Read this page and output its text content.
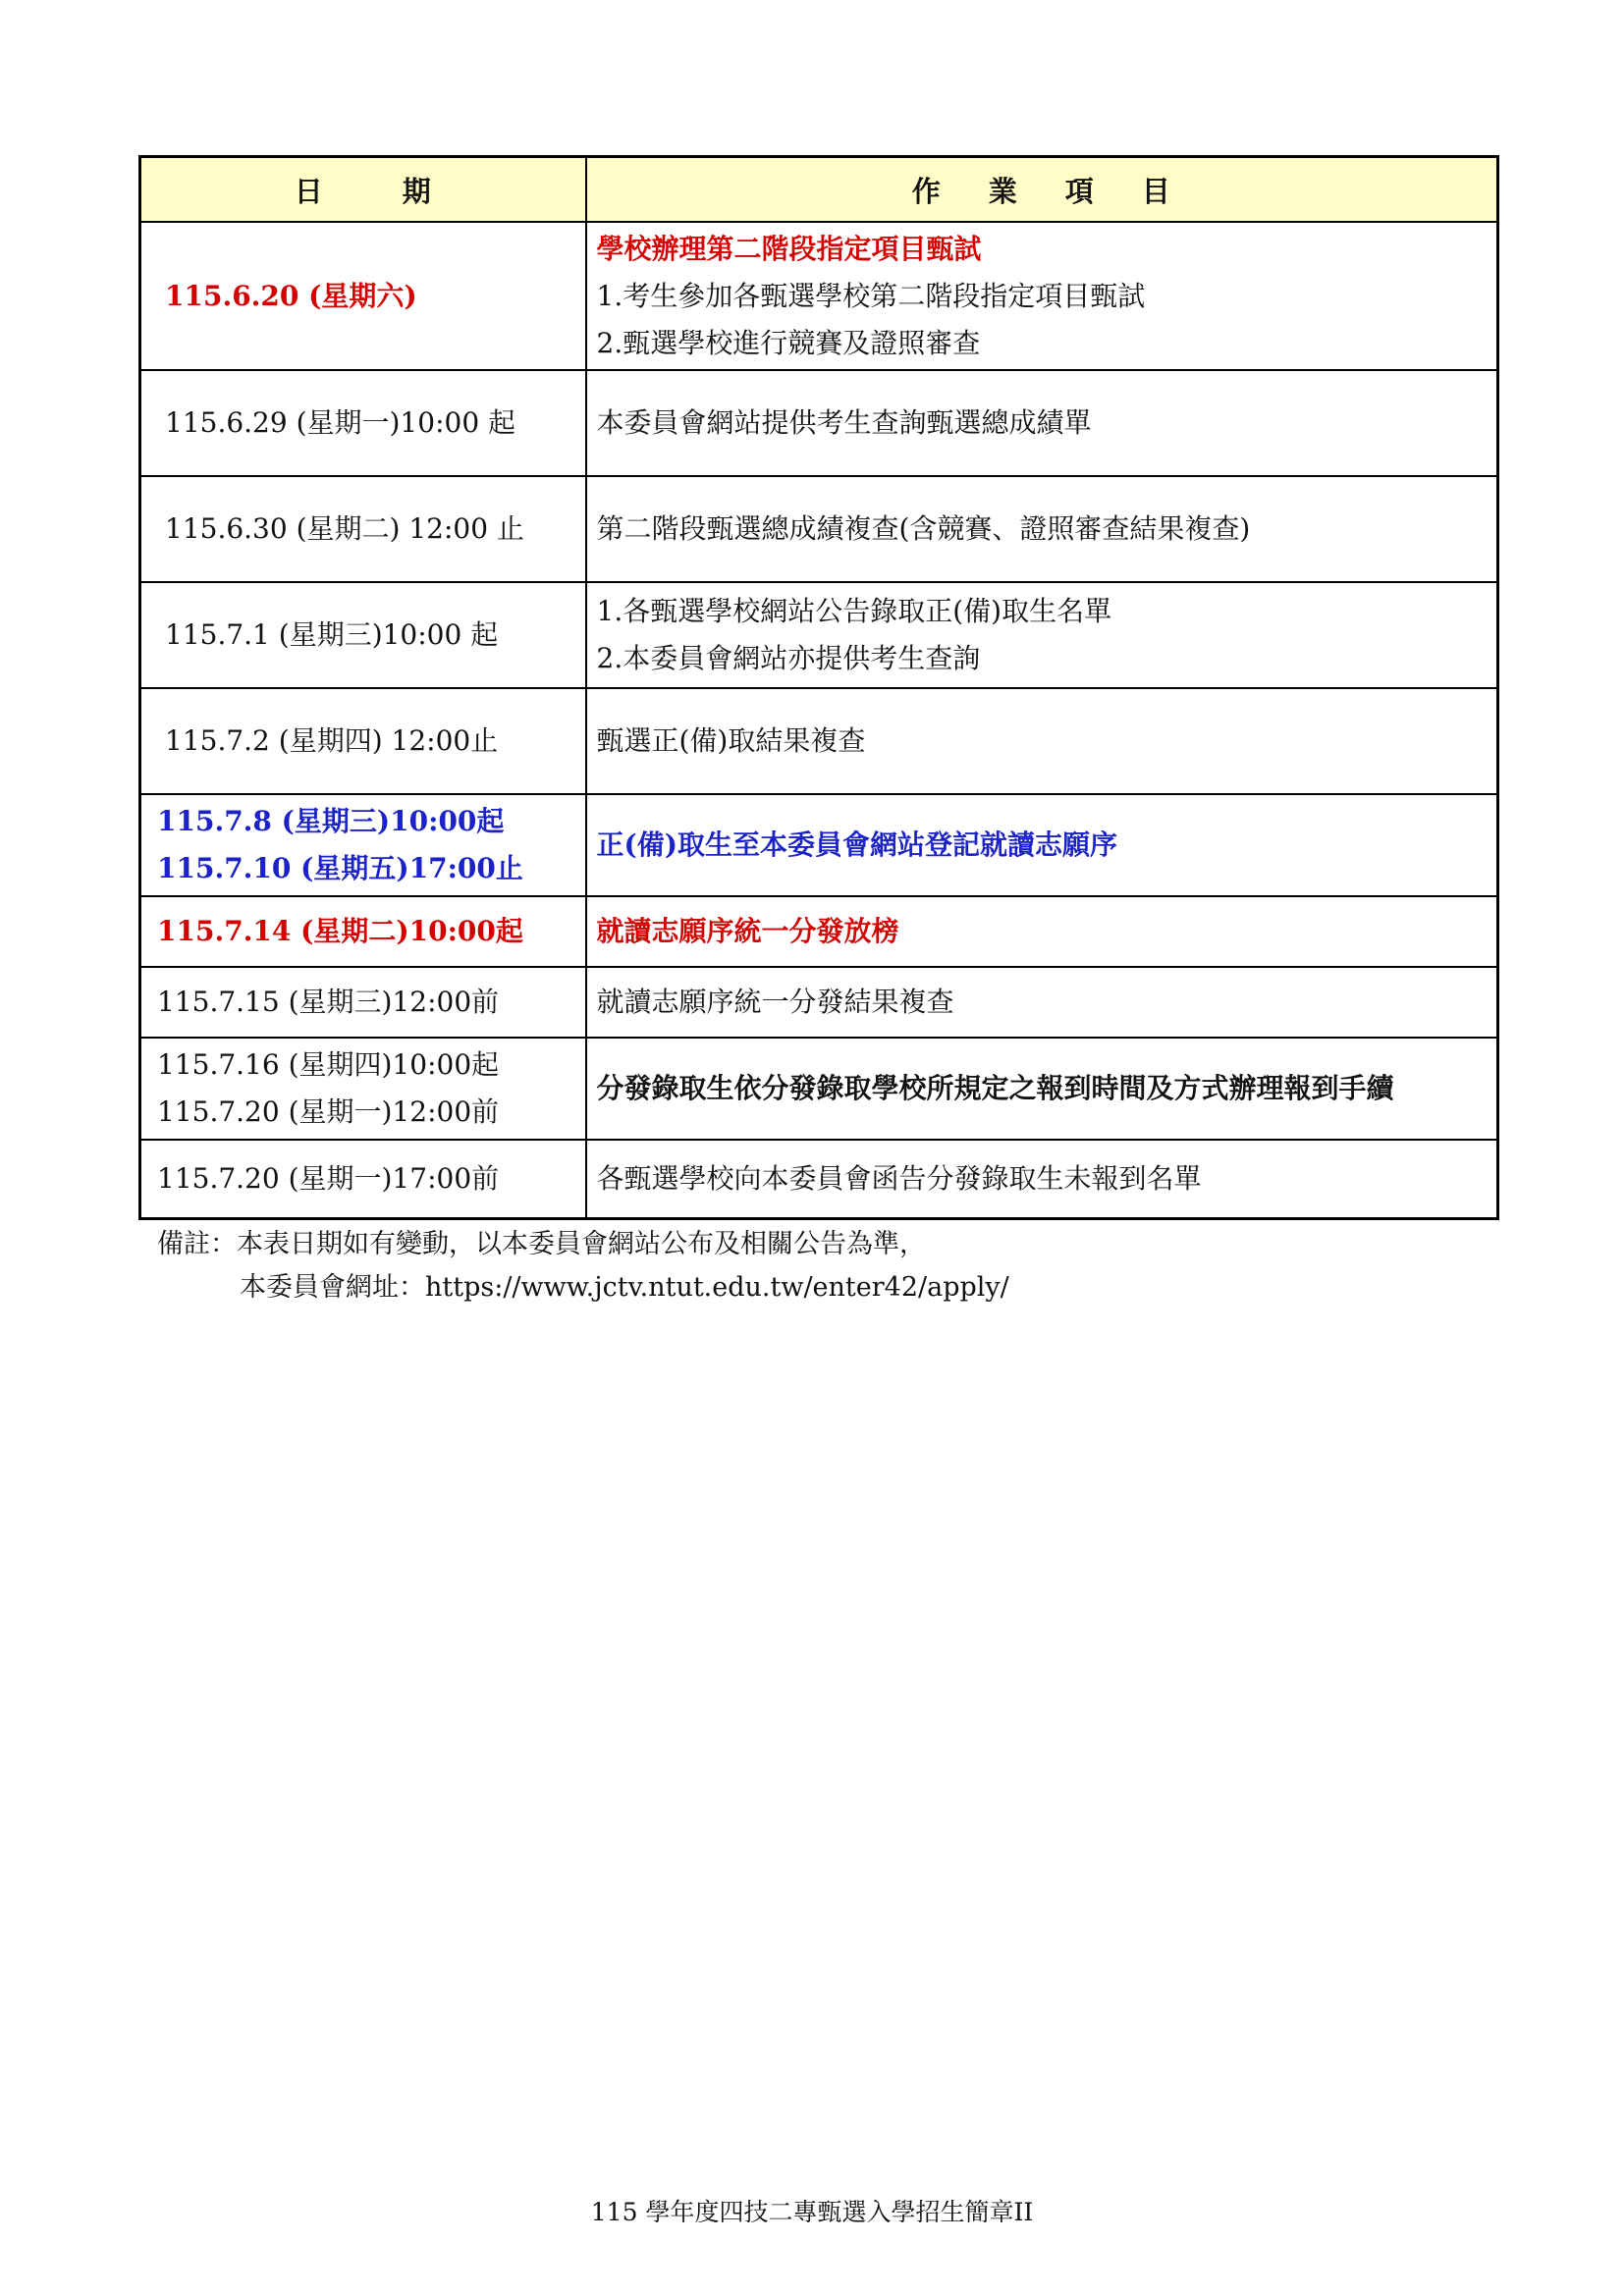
日 期	作 業 項 目

115.6.20 (星期六)	學校辦理第二階段指定項目甄試
1.考生參加各甄選學校第二階段指定項目甄試
2.甄選學校進行競賽及證照審查

115.6.29 (星期一)10:00 起	本委員會網站提供考生查詢甄選總成績單

115.6.30 (星期二) 12:00 止	第二階段甄選總成績複查(含競賽、證照審查結果複查)

115.7.1 (星期三)10:00 起	1.各甄選學校網站公告錄取正(備)取生名單
2.本委員會網站亦提供考生查詢

115.7.2 (星期四) 12:00止	甄選正(備)取結果複查

115.7.8 (星期三)10:00起
115.7.10 (星期五)17:00止	正(備)取生至本委員會網站登記就讀志願序

115.7.14 (星期二)10:00起	就讀志願序統一分發放榜

115.7.15 (星期三)12:00前	就讀志願序統一分發結果複查

115.7.16 (星期四)10:00起
115.7.20 (星期一)12:00前	分發錄取生依分發錄取學校所規定之報到時間及方式辦理報到手續

115.7.20 (星期一)17:00前	各甄選學校向本委員會函告分發錄取生未報到名單
備註：本表日期如有變動，以本委員會網站公布及相關公告為準，
本委員會網址：https://www.jctv.ntut.edu.tw/enter42/apply/
115 學年度四技二專甄選入學招生簡章II
